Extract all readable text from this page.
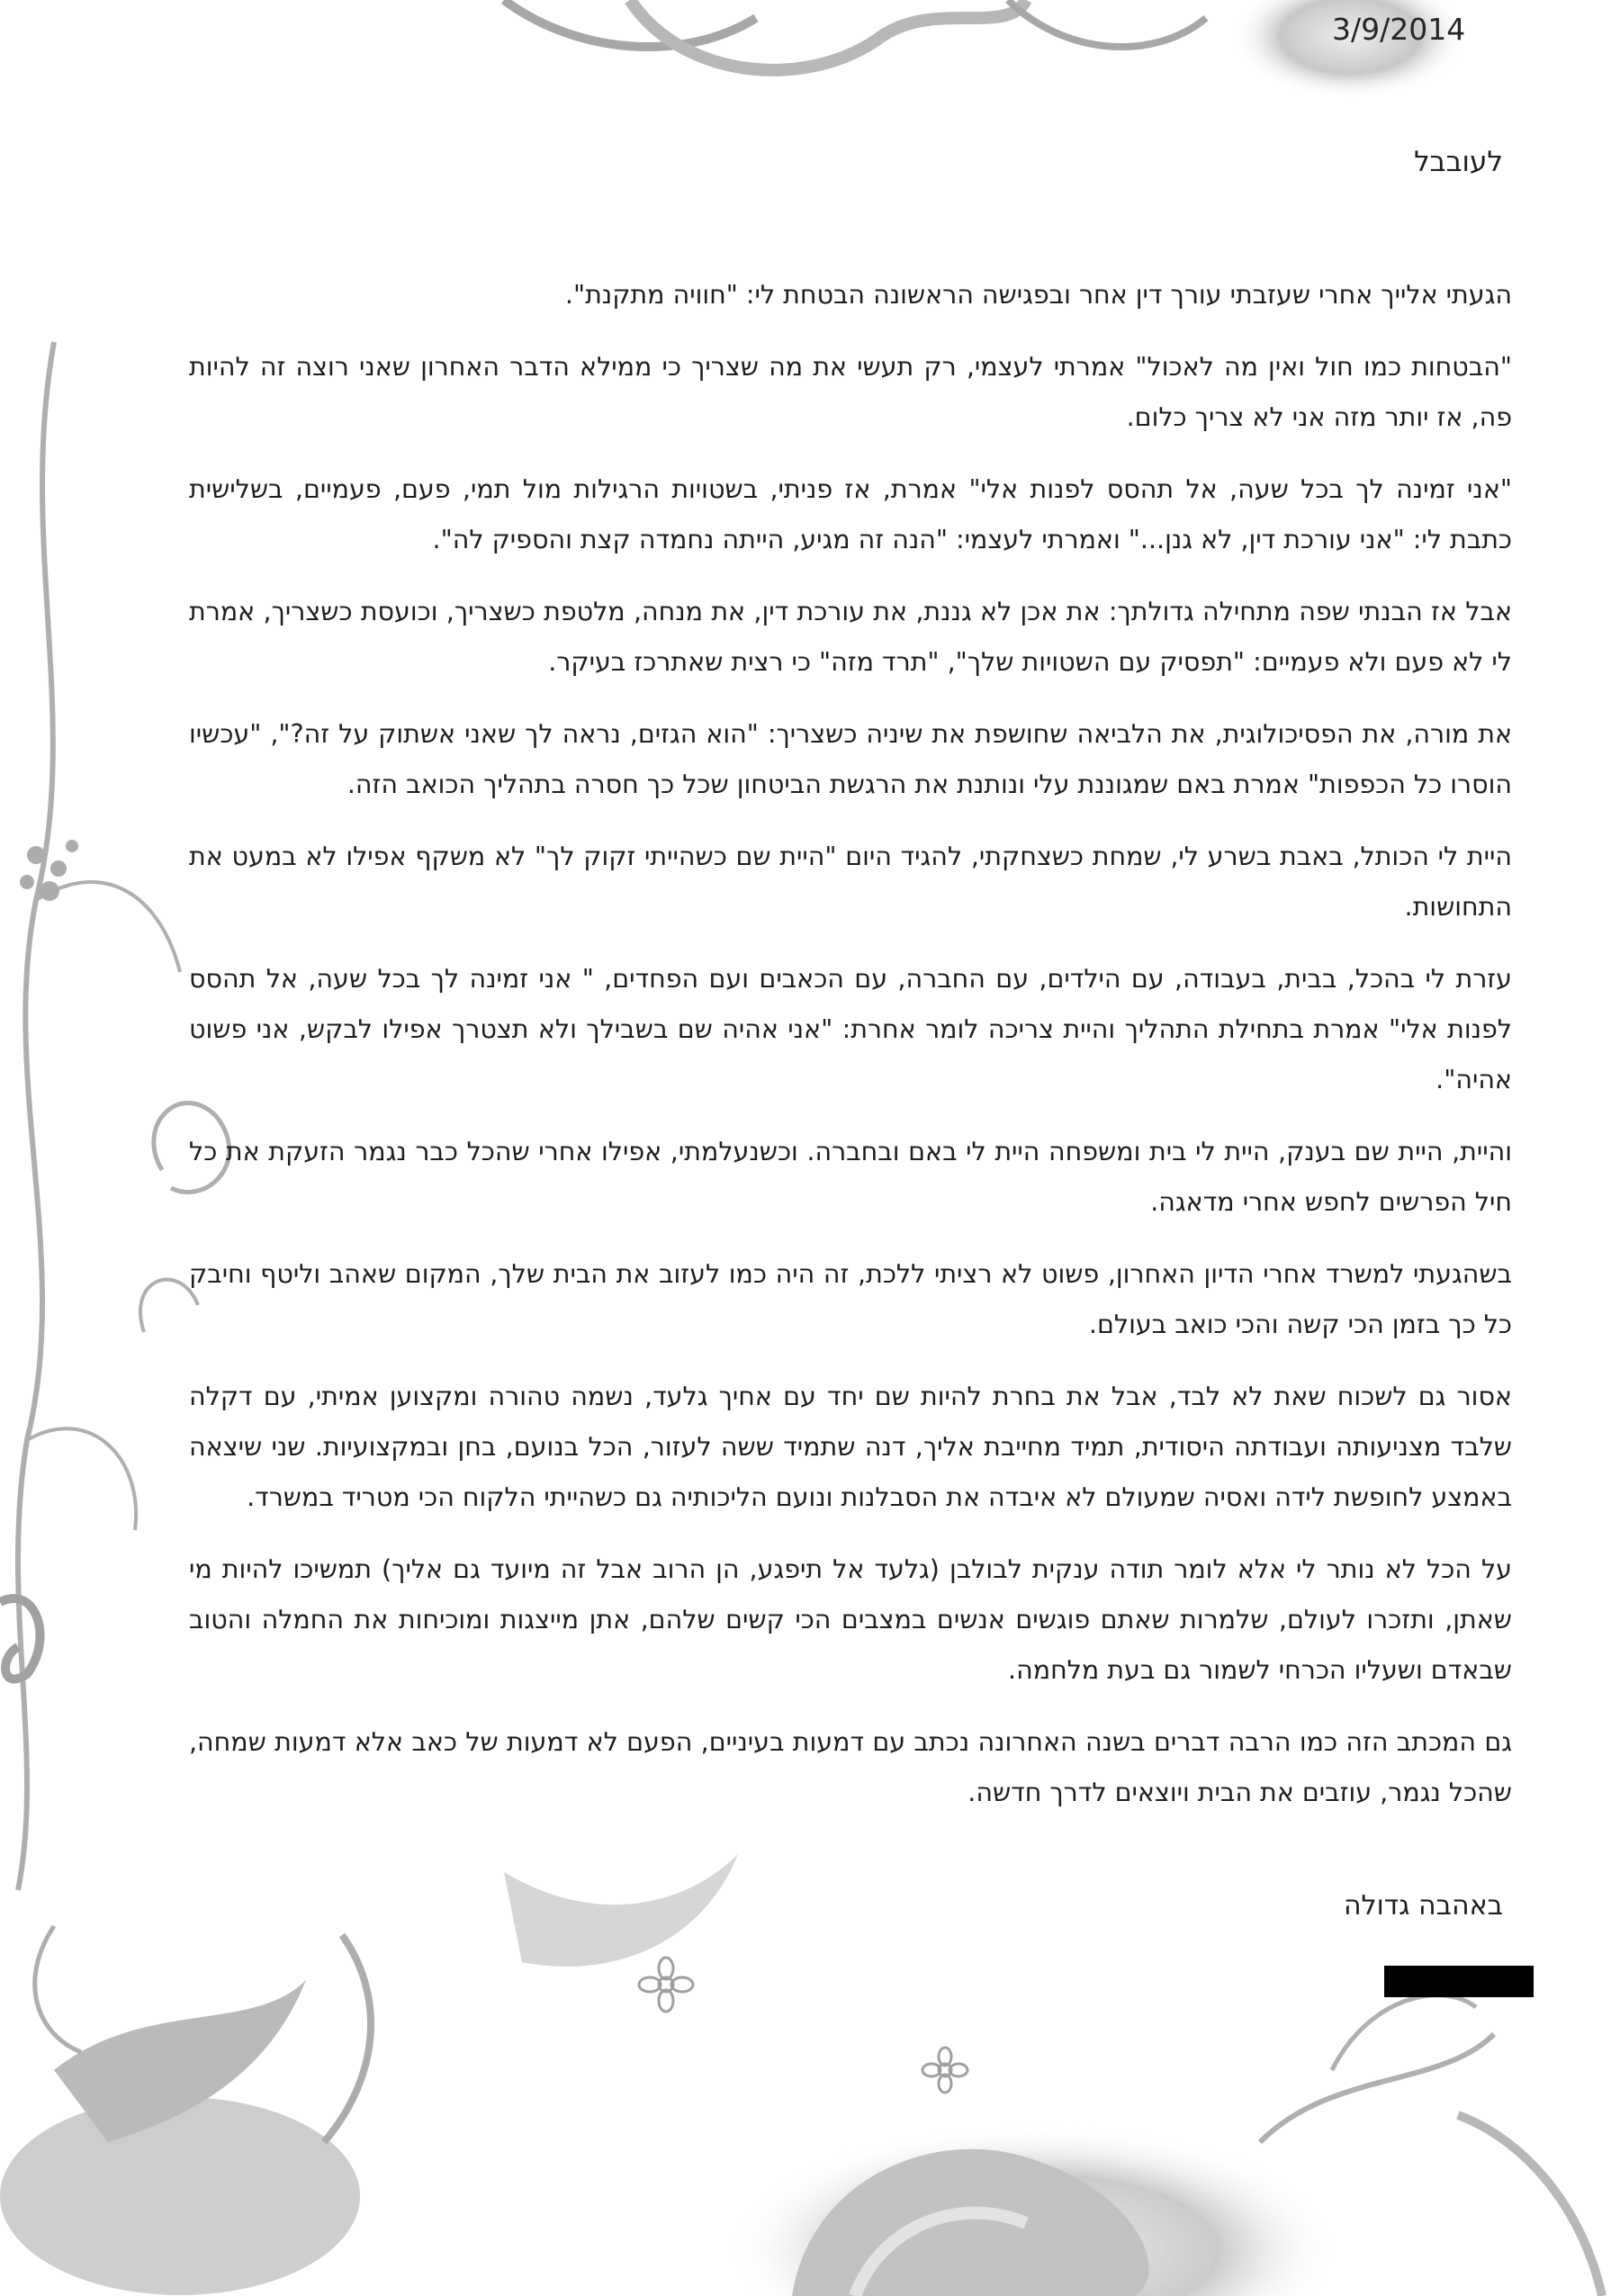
3/9/2014
לעובבל

הגעתי אלייך אחרי שעזבתי עורך דין אחר ובפגישה הראשונה הבטחת לי: "חוויה מתקנת".

"הבטחות כמו חול ואין מה לאכול" אמרתי לעצמי, רק תעשי את מה שצריך כי ממילא הדבר האחרון שאני רוצה זה להיות פה, אז יותר מזה אני לא צריך כלום.

"אני זמינה לך בכל שעה, אל תהסס לפנות אלי" אמרת, אז פניתי, בשטויות הרגילות מול תמי, פעם, פעמיים, בשלישית כתבת לי: "אני עורכת דין, לא גנן..." ואמרתי לעצמי: "הנה זה מגיע, הייתה נחמדה קצת והספיק לה".

אבל אז הבנתי שפה מתחילה גדולתך: את אכן לא גננת, את עורכת דין, את מנחה, מלטפת כשצריך, וכועסת כשצריך, אמרת לי לא פעם ולא פעמיים: "תפסיק עם השטויות שלך", "תרד מזה" כי רצית שאתרכז בעיקר.

את מורה, את הפסיכולוגית, את הלביאה שחושפת את שיניה כשצריך: "הוא הגזים, נראה לך שאני אשתוק על זה?", "עכשיו הוסרו כל הכפפות" אמרת באם שמגוננת עלי ונותנת את הרגשת הביטחון שכל כך חסרה בתהליך הכואב הזה.

היית לי הכותל, באבת בשרע לי, שמחת כשצחקתי, להגיד היום "היית שם כשהייתי זקוק לך" לא משקף אפילו לא במעט את התחושות.

עזרת לי בהכל, בבית, בעבודה, עם הילדים, עם החברה, עם הכאבים ועם הפחדים, " אני זמינה לך בכל שעה, אל תהסס לפנות אלי" אמרת בתחילת התהליך והיית צריכה לומר אחרת: "אני אהיה שם בשבילך ולא תצטרך אפילו לבקש, אני פשוט אהיה".

והיית, היית שם בענק, היית לי בית ומשפחה היית לי באם ובחברה. וכשנעלמתי, אפילו אחרי שהכל כבר נגמר הזעקת את כל חיל הפרשים לחפש אחרי מדאגה.

בשהגעתי למשרד אחרי הדיון האחרון, פשוט לא רציתי ללכת, זה היה כמו לעזוב את הבית שלך, המקום שאהב וליטף וחיבק כל כך בזמן הכי קשה והכי כואב בעולם.

אסור גם לשכוח שאת לא לבד, אבל את בחרת להיות שם יחד עם אחיך גלעד, נשמה טהורה ומקצוען אמיתי, עם דקלה שלבד מצניעותה ועבודתה היסודית, תמיד מחייבת אליך, דנה שתמיד ששה לעזור, הכל בנועם, בחן ובמקצועיות. שני שיצאה באמצע לחופשת לידה ואסיה שמעולם לא איבדה את הסבלנות ונועם הליכותיה גם כשהייתי הלקוח הכי מטריד במשרד.

על הכל לא נותר לי אלא לומר תודה ענקית לבולבן (גלעד אל תיפגע, הן הרוב אבל זה מיועד גם אליך) תמשיכו להיות מי שאתן, ותזכרו לעולם, שלמרות שאתם פוגשים אנשים במצבים הכי קשים שלהם, אתן מייצגות ומוכיחות את החמלה והטוב שבאדם ושעליו הכרחי לשמור גם בעת מלחמה.

גם המכתב הזה כמו הרבה דברים בשנה האחרונה נכתב עם דמעות בעיניים, הפעם לא דמעות של כאב אלא דמעות שמחה, שהכל נגמר, עוזבים את הבית ויוצאים לדרך חדשה.

באהבה גדולה
